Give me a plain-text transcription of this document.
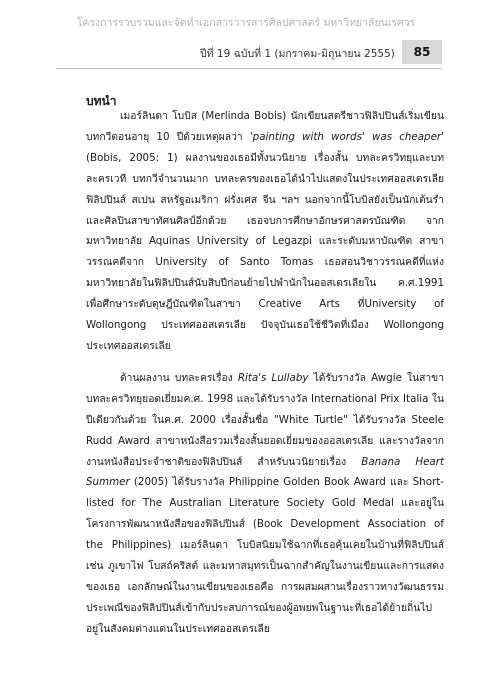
โครงการรวบรวมและจัดทำเอกสารวารสารศิลปศาสตร์ มหาวิทยาลัยนเรศวร
ปีที่ 19 ฉบับที่ 1 (มกราคม-มิถุนายน 2555)	85
บทนำ

เมอร์ลินดา โบบิส (Merlinda Bobis) นักเขียนสตรีชาวฟิลิปปินส์เริ่มเขียนบทกวีตอนอายุ 10 ปีด้วยเหตุผลว่า 'painting with words' was cheaper' (Bobis, 2005: 1) ผลงานของเธอมีทั้งนวนิยาย เรื่องสั้น บทละครวิทยุและบทละครเวที บทกวีจำนวนมาก บทละครของเธอได้นำไปแสดงในประเทศออสเตรเลีย ฟิลิปปินส์ สเปน สหรัฐอเมริกา ฝรั่งเศส จีน ฯลฯ นอกจากนี้โบบิสยังเป็นนักเต้นรำและศิลปินสาขาทัศนศิลป์อีกด้วย เธอจบการศึกษาอักษรศาสตรบัณฑิต จากมหาวิทยาลัย Aquinas University of Legazpi และระดับมหาบัณฑิต สาขาวรรณคดีจาก University of Santo Tomas เธอสอนวิชาวรรณคดีที่แห่งมหาวิทยาลัยในฟิลิปปินส์นับสิบปีก่อนย้ายไปพำนักในออสเตรเลียใน ค.ศ.1991 เพื่อศึกษาระดับดุษฎีบัณฑิตในสาขา Creative Arts ที่University of Wollongong ประเทศออสเตรเลีย ปัจจุบันเธอใช้ชีวิตที่เมือง Wollongong ประเทศออสเตรเลีย

ด้านผลงาน บทละครเรื่อง Rita's Lullaby ได้รับรางวัล Awgie ในสาขาบทละครวิทยุยอดเยี่ยมค.ศ. 1998 และได้รับรางวัล International Prix Italia ในปีเดียวกันด้วย ในค.ศ. 2000 เรื่องสั้นชื่อ "White Turtle" ได้รับรางวัล Steele Rudd Award สาขาหนังสือรวมเรื่องสั้นยอดเยี่ยมของออสเตรเลีย และรางวัลจากงานหนังสือประจำชาติของฟิลิปปินส์ สำหรับนวนิยายเรื่อง Banana Heart Summer (2005) ได้รับรางวัล Philippine Golden Book Award และ Short-listed for The Australian Literature Society Gold Medal และอยู่ในโครงการพัฒนาหนังสือของฟิลิปปินส์ (Book Development Association of the Philippines) เมอร์ลินดา โบบิสนิยมใช้ฉากที่เธอคุ้นเคยในบ้านที่ฟิลิปปินส์ เช่น ภูเขาไฟ โบสถ์คริสต์ และมหาสมุทรเป็นฉากสำคัญในงานเขียนและการแสดงของเธอ เอกลักษณ์ในงานเขียนของเธอคือ การผสมผสานเรื่องราวทางวัฒนธรรมประเพณีของฟิลิปปินส์เข้ากับประสบการณ์ของผู้อพยพในฐานะที่เธอได้ย้ายถิ่นไปอยู่ในสังคมต่างแดนในประเทศออสเตรเลีย
